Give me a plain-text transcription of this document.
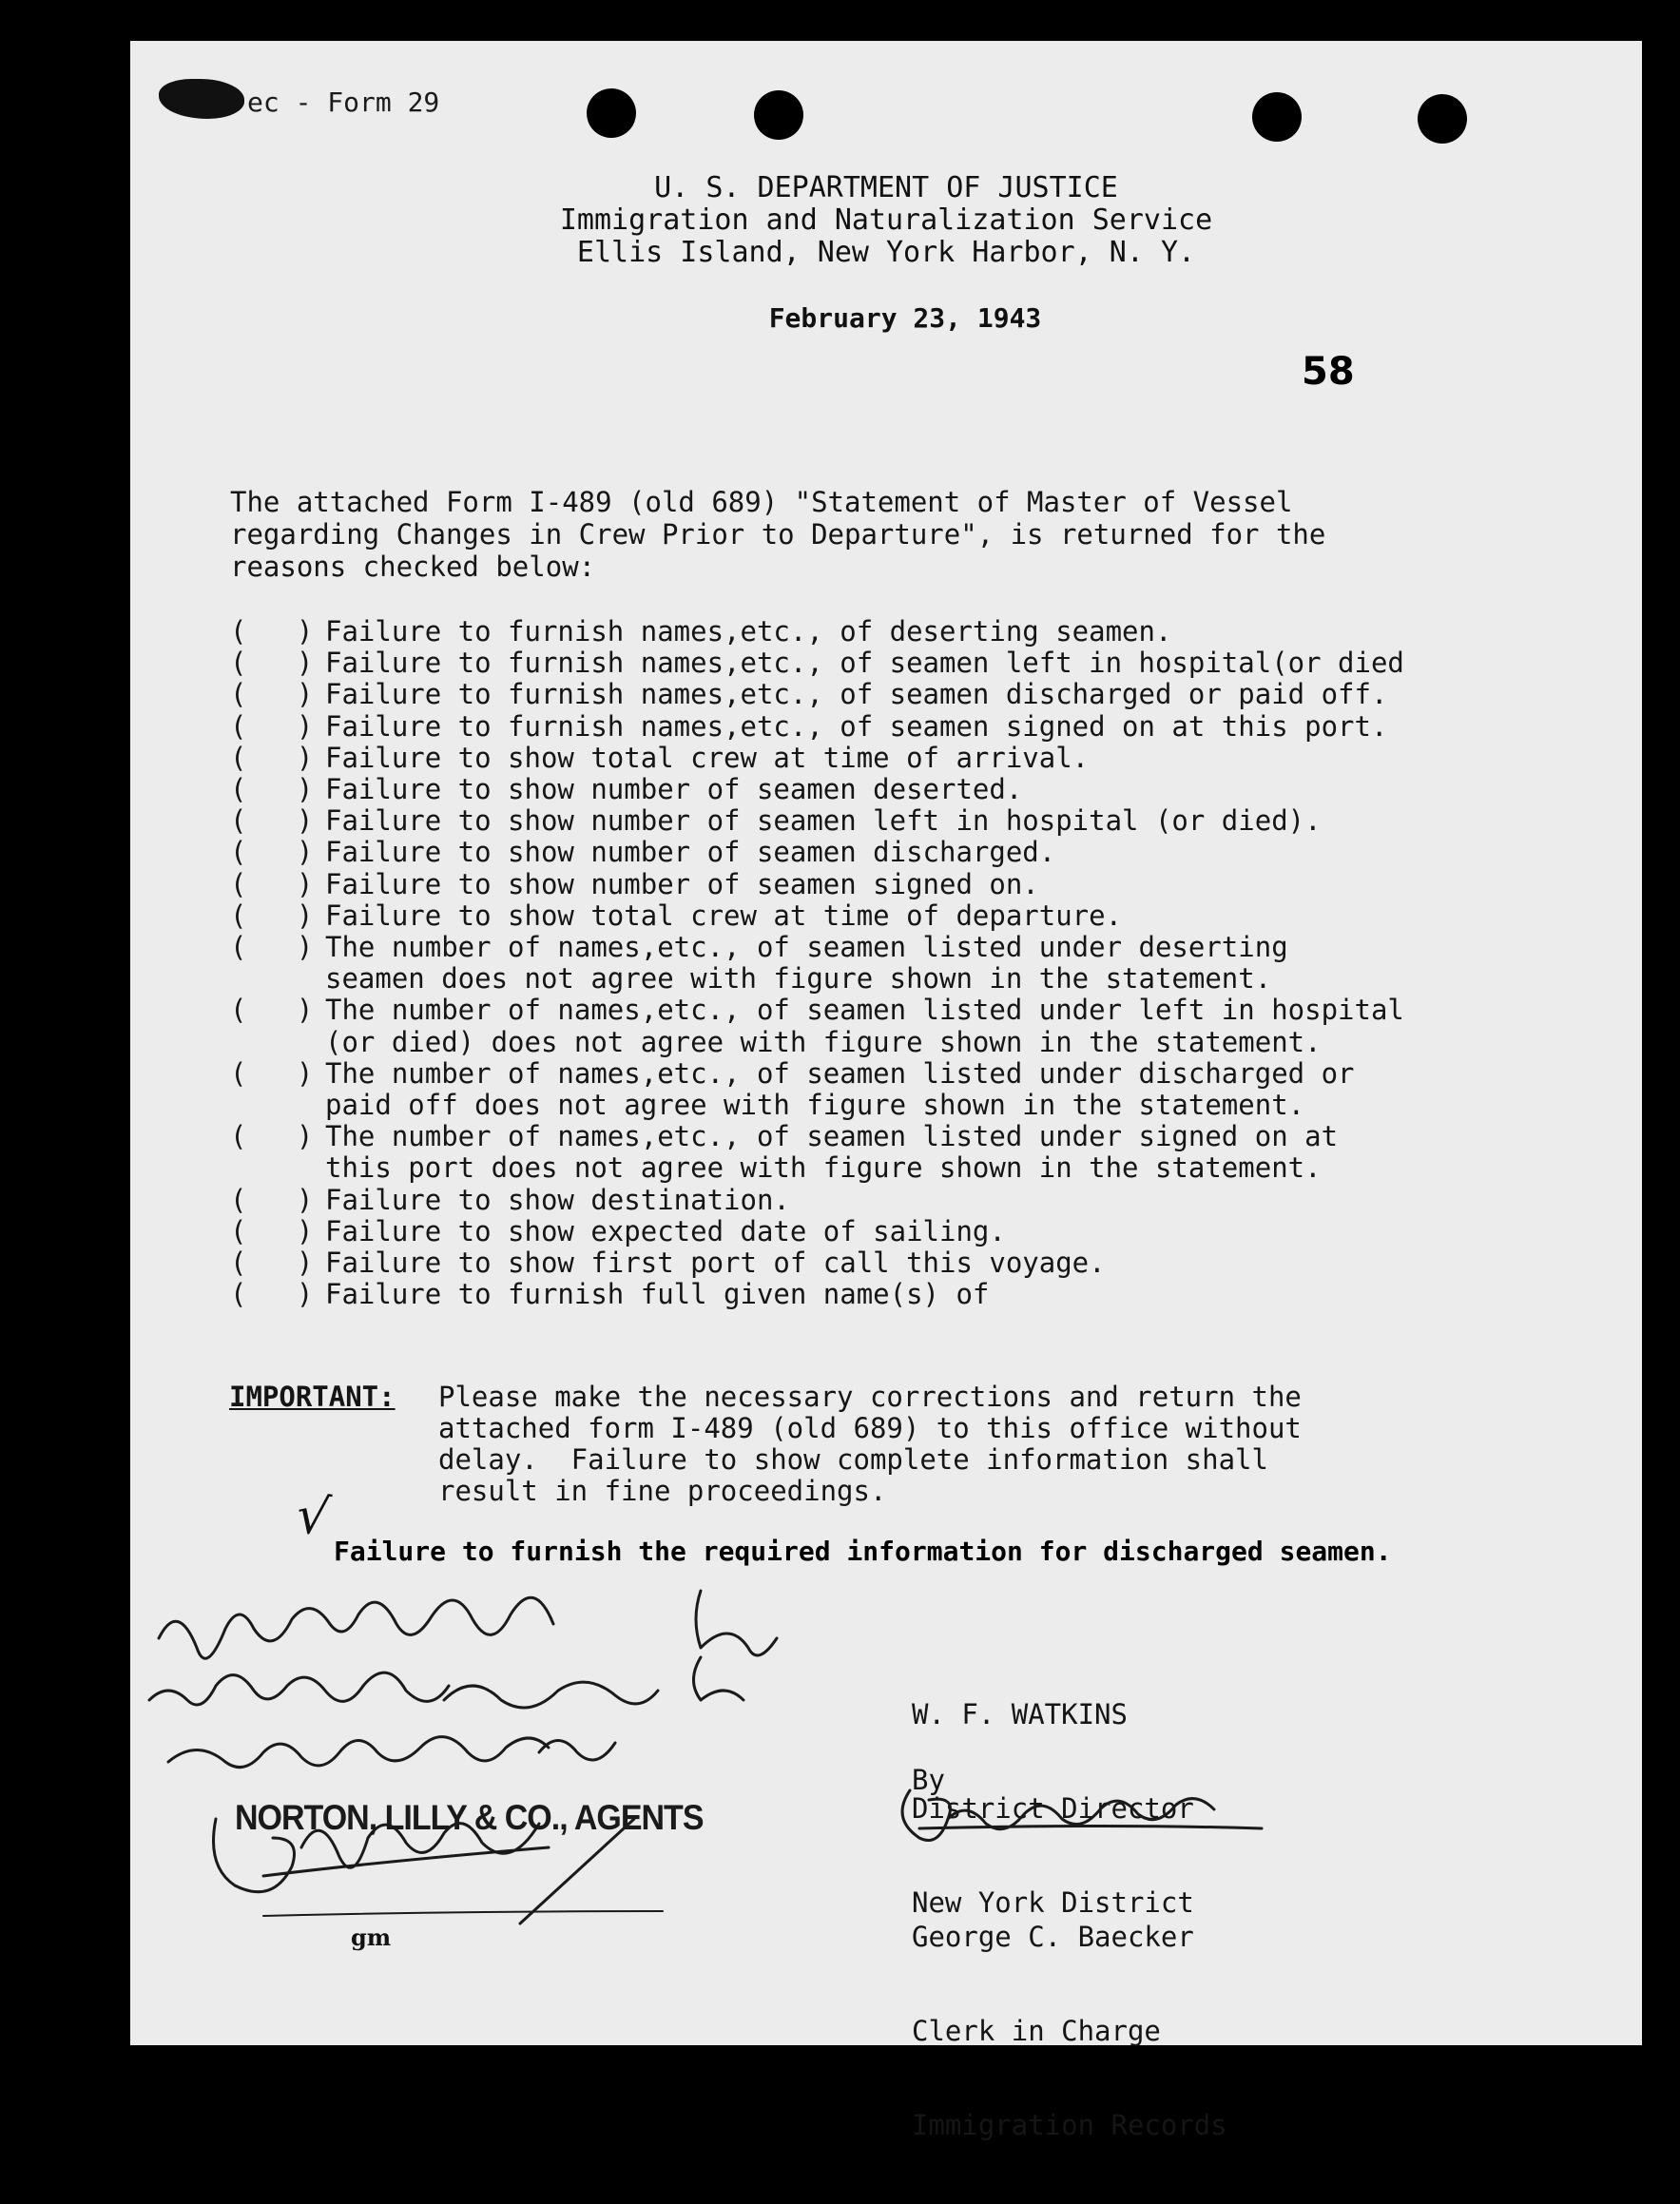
ec - Form 29
U. S. DEPARTMENT OF JUSTICE
Immigration and Naturalization Service
Ellis Island, New York Harbor, N. Y.
February 23, 1943
58
The attached Form I-489 (old 689) "Statement of Master of Vessel
regarding Changes in Crew Prior to Departure", is returned for the
reasons checked below:
(   ) Failure to furnish names,etc., of deserting seamen.
(   ) Failure to furnish names,etc., of seamen left in hospital(or died
(   ) Failure to furnish names,etc., of seamen discharged or paid off.
(   ) Failure to furnish names,etc., of seamen signed on at this port.
(   ) Failure to show total crew at time of arrival.
(   ) Failure to show number of seamen deserted.
(   ) Failure to show number of seamen left in hospital (or died).
(   ) Failure to show number of seamen discharged.
(   ) Failure to show number of seamen signed on.
(   ) Failure to show total crew at time of departure.
(   ) The number of names,etc., of seamen listed under deserting
seamen does not agree with figure shown in the statement.
(   ) The number of names,etc., of seamen listed under left in hospital
(or died) does not agree with figure shown in the statement.
(   ) The number of names,etc., of seamen listed under discharged or
paid off does not agree with figure shown in the statement.
(   ) The number of names,etc., of seamen listed under signed on at
this port does not agree with figure shown in the statement.
(   ) Failure to show destination.
(   ) Failure to show expected date of sailing.
(   ) Failure to show first port of call this voyage.
(   ) Failure to furnish full given name(s) of
IMPORTANT: Please make the necessary corrections and return the
attached form I-489 (old 689) to this office without
delay.  Failure to show complete information shall
result in fine proceedings.
√
Failure to furnish the required information for discharged seamen.

W. F. WATKINS

District Director

New York District

By

George C. Baecker

Clerk in Charge

Immigration Records

NORTON, LILLY & CO., AGENTS
gm
